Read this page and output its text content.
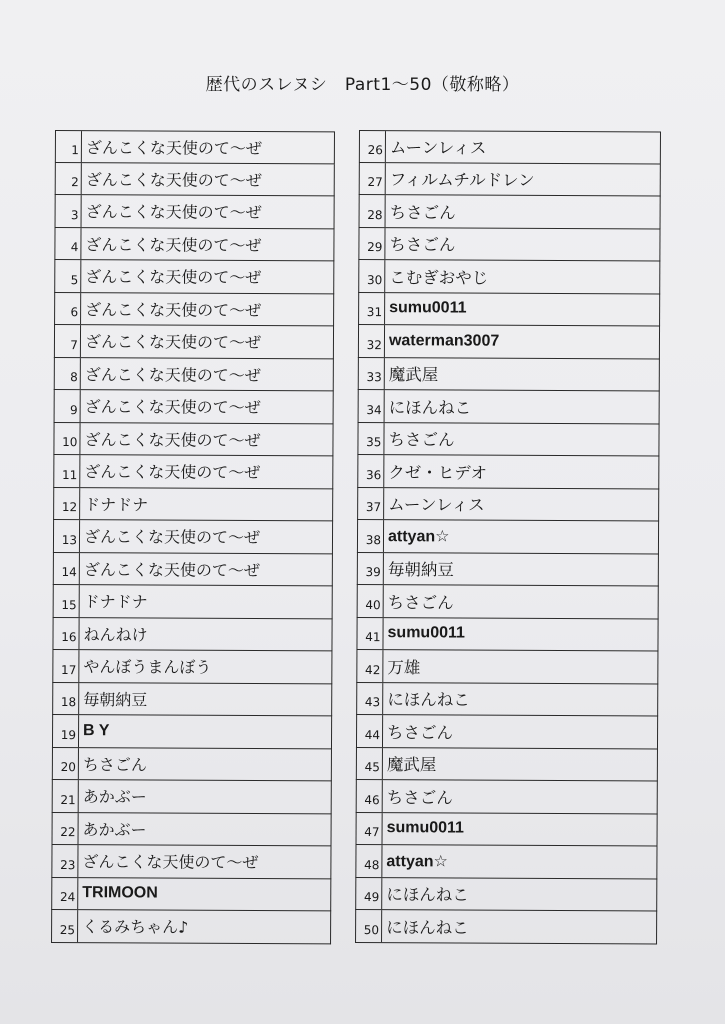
歴代のスレヌシ　Part1〜50（敬称略）
1 ざんこくな天使のて〜ぜ
2 ざんこくな天使のて〜ぜ
3 ざんこくな天使のて〜ぜ
4 ざんこくな天使のて〜ぜ
5 ざんこくな天使のて〜ぜ
6 ざんこくな天使のて〜ぜ
7 ざんこくな天使のて〜ぜ
8 ざんこくな天使のて〜ぜ
9 ざんこくな天使のて〜ぜ
10 ざんこくな天使のて〜ぜ
11 ざんこくな天使のて〜ぜ
12 ドナドナ
13 ざんこくな天使のて〜ぜ
14 ざんこくな天使のて〜ぜ
15 ドナドナ
16 ねんねけ
17 やんぼうまんぼう
18 毎朝納豆
19 B Y
20 ちさごん
21 あかぶー
22 あかぶー
23 ざんこくな天使のて〜ぜ
24 TRIMOON
25 くるみちゃん♪
26 ムーンレィス
27 フィルムチルドレン
28 ちさごん
29 ちさごん
30 こむぎおやじ
31 sumu0011
32 waterman3007
33 魔武屋
34 にほんねこ
35 ちさごん
36 クゼ・ヒデオ
37 ムーンレィス
38 attyan☆
39 毎朝納豆
40 ちさごん
41 sumu0011
42 万雄
43 にほんねこ
44 ちさごん
45 魔武屋
46 ちさごん
47 sumu0011
48 attyan☆
49 にほんねこ
50 にほんねこ
